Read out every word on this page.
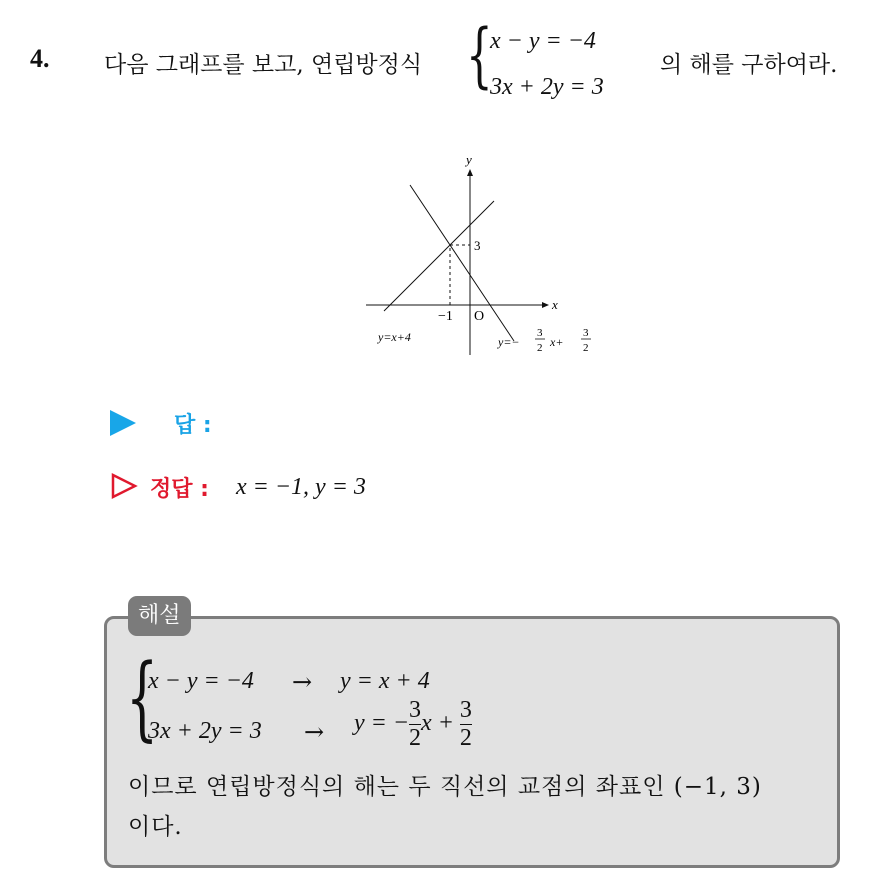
4. 다음 그래프를 보고, 연립방정식 {
x − y = −4
3x + 2y = 3
의 해를 구하여라.
y
x
O
−1
3
y=x+4	y=−
3
2 x+
3
2
답 :
정답 : x = −1, y = 3
해설
{
x − y = −4 → y = x + 4
3x + 2y = 3 → y = − $\frac{3}{2}$ $x + \frac{3}{2}$
이므로 연립방정식의 해는 두 직선의 교점의 좌표인 (−1, 3)
이다.
